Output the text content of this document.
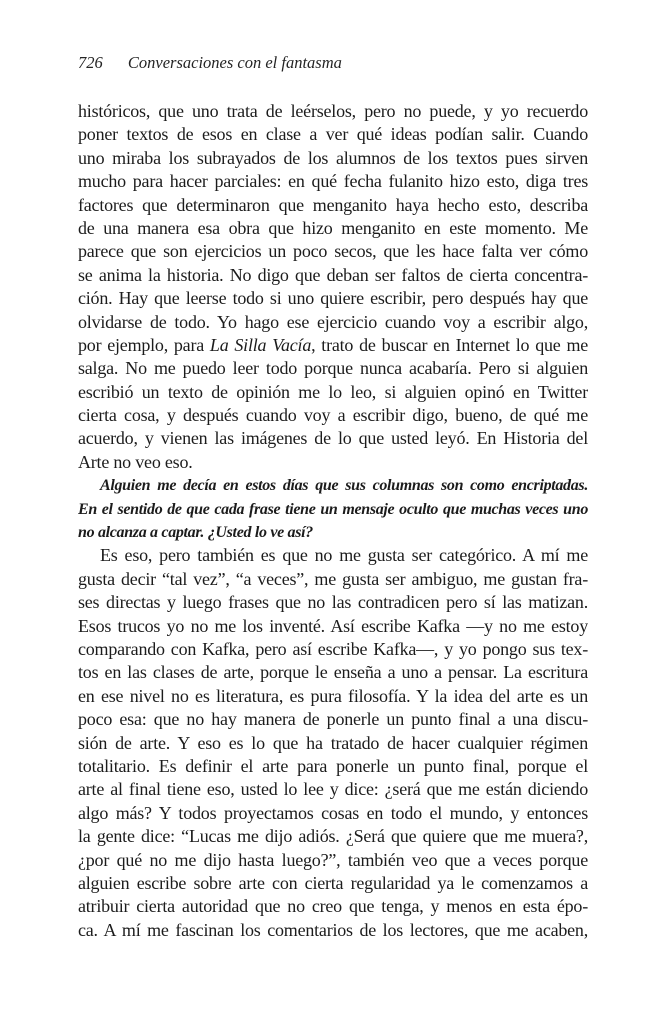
726 Conversaciones con el fantasma
históricos, que uno trata de leérselos, pero no puede, y yo recuerdo
poner textos de esos en clase a ver qué ideas podían salir. Cuando
uno miraba los subrayados de los alumnos de los textos pues sirven
mucho para hacer parciales: en qué fecha fulanito hizo esto, diga tres
factores que determinaron que menganito haya hecho esto, describa
de una manera esa obra que hizo menganito en este momento. Me
parece que son ejercicios un poco secos, que les hace falta ver cómo
se anima la historia. No digo que deban ser faltos de cierta concentra-
ción. Hay que leerse todo si uno quiere escribir, pero después hay que
olvidarse de todo. Yo hago ese ejercicio cuando voy a escribir algo,
por ejemplo, para La Silla Vacía, trato de buscar en Internet lo que me
salga. No me puedo leer todo porque nunca acabaría. Pero si alguien
escribió un texto de opinión me lo leo, si alguien opinó en Twitter
cierta cosa, y después cuando voy a escribir digo, bueno, de qué me
acuerdo, y vienen las imágenes de lo que usted leyó. En Historia del
Arte no veo eso.
Alguien me decía en estos días que sus columnas son como encriptadas.
En el sentido de que cada frase tiene un mensaje oculto que muchas veces uno
no alcanza a captar. ¿Usted lo ve así?
Es eso, pero también es que no me gusta ser categórico. A mí me
gusta decir “tal vez”, “a veces”, me gusta ser ambiguo, me gustan fra-
ses directas y luego frases que no las contradicen pero sí las matizan.
Esos trucos yo no me los inventé. Así escribe Kafka —y no me estoy
comparando con Kafka, pero así escribe Kafka—, y yo pongo sus tex-
tos en las clases de arte, porque le enseña a uno a pensar. La escritura
en ese nivel no es literatura, es pura filosofía. Y la idea del arte es un
poco esa: que no hay manera de ponerle un punto final a una discu-
sión de arte. Y eso es lo que ha tratado de hacer cualquier régimen
totalitario. Es definir el arte para ponerle un punto final, porque el
arte al final tiene eso, usted lo lee y dice: ¿será que me están diciendo
algo más? Y todos proyectamos cosas en todo el mundo, y entonces
la gente dice: “Lucas me dijo adiós. ¿Será que quiere que me muera?,
¿por qué no me dijo hasta luego?”, también veo que a veces porque
alguien escribe sobre arte con cierta regularidad ya le comenzamos a
atribuir cierta autoridad que no creo que tenga, y menos en esta épo-
ca. A mí me fascinan los comentarios de los lectores, que me acaben,
